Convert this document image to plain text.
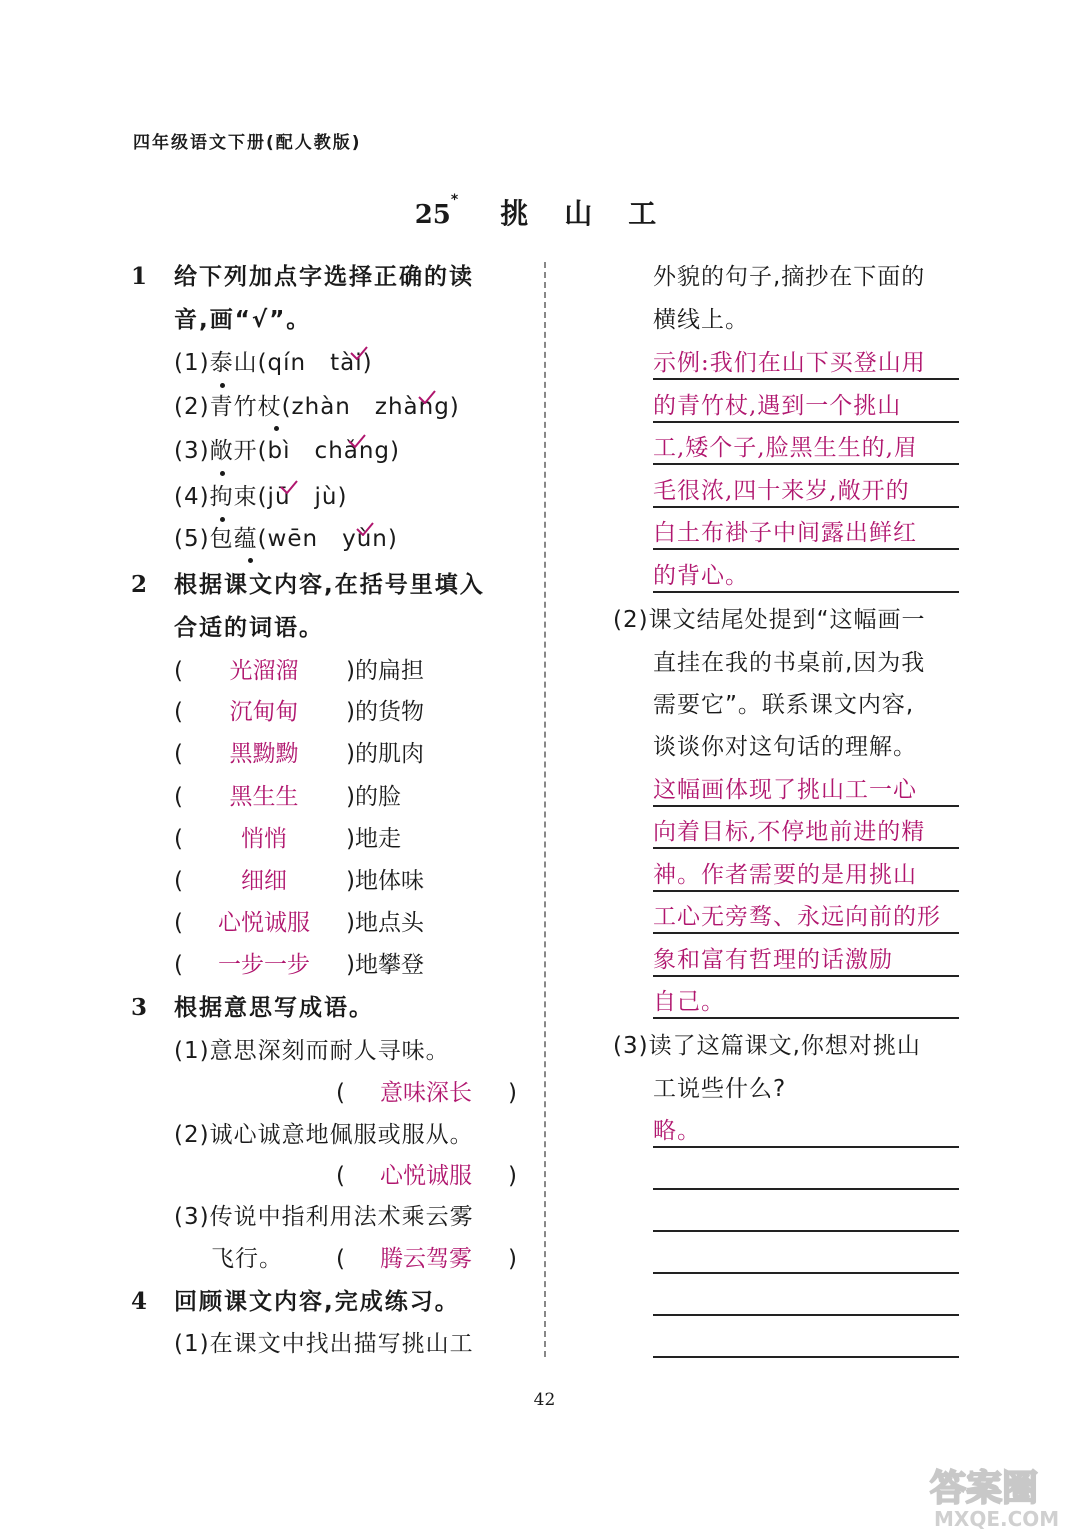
四年级语文下册(配人教版)
25* 挑 山 工
1 给下列加点字选择正确的读
音,画“√”。
(1)泰山(qín　tài)
(2)青竹杖(zhàn　zhàng)
(3)敞开(bì　chǎng)
(4)拘束(jū　jù)
(5)包蕴(wēn　yùn)
2 根据课文内容,在括号里填入
合适的词语。
(	光溜溜	)的扁担
(	沉甸甸	)的货物
(	黑黝黝	)的肌肉
(	黑生生	)的脸
(	悄悄	)地走
(	细细	)地体味
(	心悦诚服	)地点头
(	一步一步	)地攀登
3 根据意思写成语。
(1)意思深刻而耐人寻味。
(	意味深长	)
(2)诚心诚意地佩服或服从。
(	心悦诚服	)
(3)传说中指利用法术乘云雾
飞行。 (	腾云驾雾	)
4 回顾课文内容,完成练习。
(1)在课文中找出描写挑山工
外貌的句子,摘抄在下面的
横线上。
示例:我们在山下买登山用
的青竹杖,遇到一个挑山
工,矮个子,脸黑生生的,眉
毛很浓,四十来岁,敞开的
白土布褂子中间露出鲜红
的背心。
(2)课文结尾处提到“这幅画一
直挂在我的书桌前,因为我
需要它”。联系课文内容,
谈谈你对这句话的理解。
这幅画体现了挑山工一心
向着目标,不停地前进的精
神。作者需要的是用挑山
工心无旁骛、永远向前的形
象和富有哲理的话激励
自己。
(3)读了这篇课文,你想对挑山
工说些什么?
略。
42
答案圈
MXQE.COM
